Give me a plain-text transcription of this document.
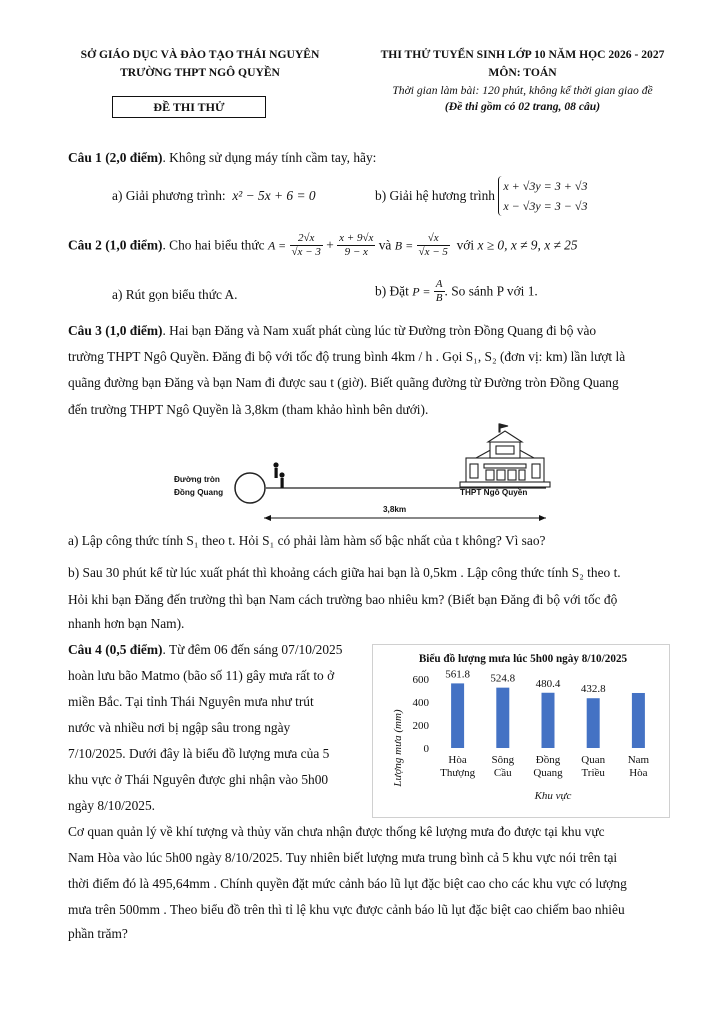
SỞ GIÁO DỤC VÀ ĐÀO TẠO THÁI NGUYÊN
TRƯỜNG THPT NGÔ QUYỀN
ĐỀ THI THỬ
THI THỬ TUYỂN SINH LỚP 10 NĂM HỌC 2026 - 2027
MÔN: TOÁN
Thời gian làm bài: 120 phút, không kể thời gian giao đề
(Đề thi gồm có 02 trang, 08 câu)

Câu 1 (2,0 điểm). Không sử dụng máy tính cầm tay, hãy:

a) Giải phương trình: x² − 5x + 6 = 0	b) Giải hệ hương trình
x + √3y = 3 + √3
x − √3y = 3 − √3
Câu 2 (1,0 điểm). Cho hai biểu thức $A = \frac{2√x}{√x - 3} + \frac{x + 9√x}{9 - x}$ và $B = \frac{√x}{√x - 5}$ với x ≥ 0, x ≠ 9, x ≠ 25

a) Rút gọn biểu thức A.	b) Đặt $P = \frac{A}{B}$ . So sánh P với 1.

Câu 3 (1,0 điểm). Hai bạn Đăng và Nam xuất phát cùng lúc từ Đường tròn Đồng Quang đi bộ vào

trường THPT Ngô Quyền. Đăng đi bộ với tốc độ trung bình 4km / h . Gọi S₁, S₂ (đơn vị: km) lần lượt là

quãng đường bạn Đăng và bạn Nam đi được sau t (giờ). Biết quãng đường từ Đường tròn Đồng Quang

đến trường THPT Ngô Quyền là 3,8km (tham khảo hình bên dưới).

Đường tròn
Đồng Quang	THPT Ngô Quyền
3,8km

a) Lập công thức tính S₁ theo t. Hỏi S₁ có phải làm hàm số bậc nhất của t không? Vì sao?

b) Sau 30 phút kể từ lúc xuất phát thì khoảng cách giữa hai bạn là 0,5km . Lập công thức tính S₂ theo t.

Hỏi khi bạn Đăng đến trường thì bạn Nam cách trường bao nhiêu km? (Biết bạn Đăng đi bộ với tốc độ

nhanh hơn bạn Nam).

Câu 4 (0,5 điểm). Từ đêm 06 đến sáng 07/10/2025

hoàn lưu bão Matmo (bão số 11) gây mưa rất to ở

miền Bắc. Tại tỉnh Thái Nguyên mưa như trút

nước và nhiều nơi bị ngập sâu trong ngày

7/10/2025. Dưới đây là biểu đồ lượng mưa của 5

khu vực ở Thái Nguyên được ghi nhận vào 5h00

ngày 8/10/2025.

Biểu đồ lượng mưa lúc 5h00 ngày 8/10/2025
Lượng mưa (mm)
Khu vực
0
200
400
600 561.8 524.8 480.4 432.8
Hòa
Thượng
Sông
Cầu
Đồng
Quang
Quan
Triều
Nam
Hòa

Cơ quan quản lý về khí tượng và thủy văn chưa nhận được thống kê lượng mưa đo được tại khu vực

Nam Hòa vào lúc 5h00 ngày 8/10/2025. Tuy nhiên biết lượng mưa trung bình cả 5 khu vực nói trên tại

thời điểm đó là 495,64mm . Chính quyền đặt mức cảnh báo lũ lụt đặc biệt cao cho các khu vực có lượng

mưa trên 500mm . Theo biểu đồ trên thì tỉ lệ khu vực được cảnh báo lũ lụt đặc biệt cao chiếm bao nhiêu

phần trăm?
